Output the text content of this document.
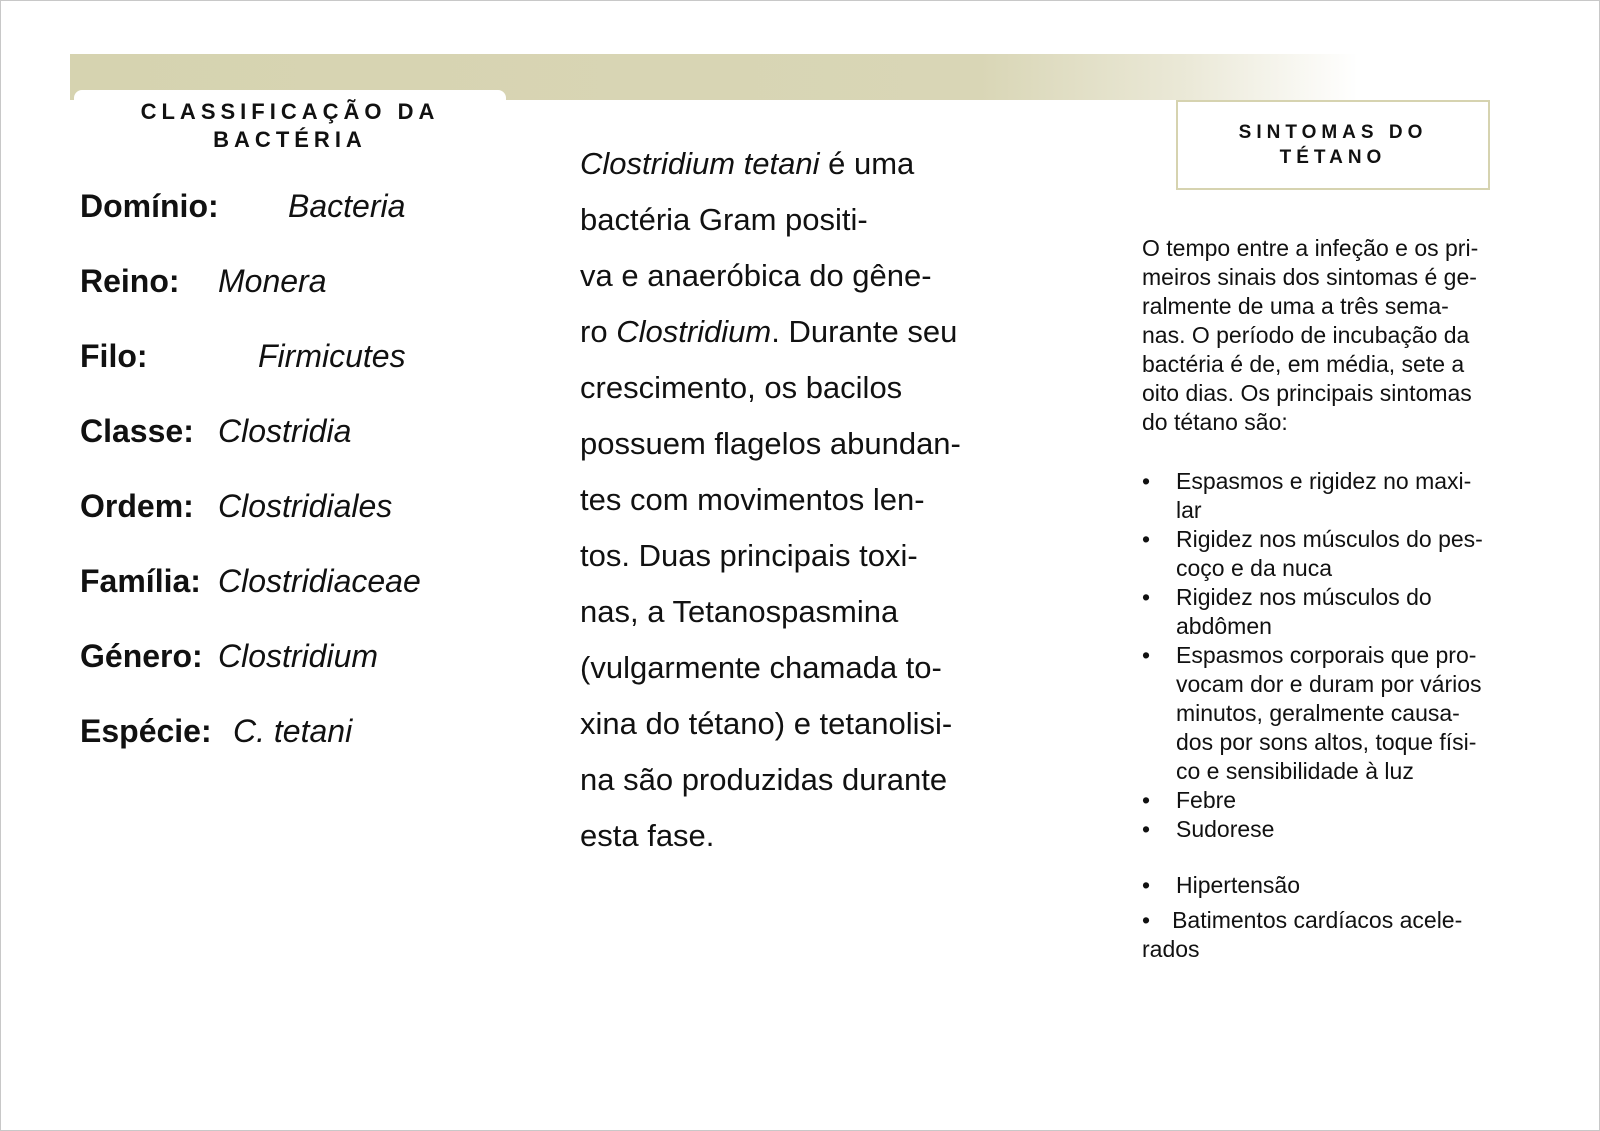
CLASSIFICAÇÃO DA BACTÉRIA
Domínio: Bacteria
Reino: Monera
Filo:	Firmicutes
Classe: Clostridia
Ordem: Clostridiales
Família: Clostridiaceae
Género: Clostridium
Espécie: C. tetani
Clostridium tetani é uma
bactéria Gram positi-
va e anaeróbica do gêne-
ro Clostridium. Durante seu
crescimento, os bacilos
possuem flagelos abundan-
tes com movimentos len-
tos. Duas principais toxi-
nas, a Tetanospasmina
(vulgarmente chamada to-
xina do tétano) e tetanolisi-
na são produzidas durante
esta fase.
SINTOMAS DO TÉTANO
O tempo entre a infeção e os pri-
meiros sinais dos sintomas é ge-
ralmente de uma a três sema-
nas. O período de incubação da
bactéria é de, em média, sete a
oito dias. Os principais sintomas
do tétano são:
•	Espasmos e rigidez no maxi-
lar
•	Rigidez nos músculos do pes-
coço e da nuca
•	Rigidez nos músculos do
abdômen
•	Espasmos corporais que pro-
vocam dor e duram por vários
minutos, geralmente causa-
dos por sons altos, toque físi-
co e sensibilidade à luz
•	Febre
•	Sudorese
•	Hipertensão
• Batimentos cardíacos acele-
rados
